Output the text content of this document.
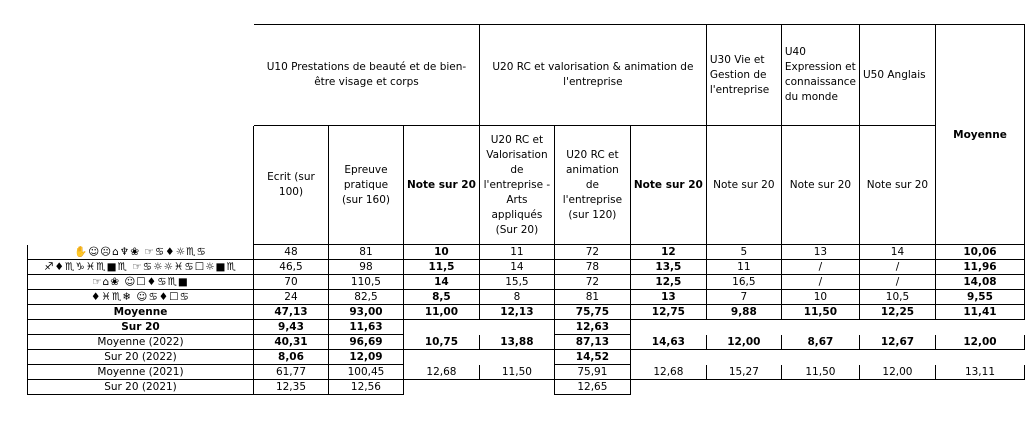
	U10 Prestations de beauté et de bien-être visage et corps			U20 RC et valorisation & animation de l'entreprise			U30 Vie et Gestion de l'entreprise	U40 Expression et connaissance du monde	U50 Anglais	
	Ecrit (sur 100)	Epreuve pratique (sur 160)	Note sur 20	U20 RC et Valorisation de l'entreprise - Arts appliqués (Sur 20)	U20 RC et animation de l'entreprise (sur 120)	Note sur 20	Note sur 20	Note sur 20	Note sur 20	Moyenne
✋☺☹⌂♆❀ ☞♋♦☼♏♋	48	81	10	11	72	12	5	13	14	10,06
♐♦♏♑♓♏■♏ ☞♋☼☼♓♋☐☼■♏	46,5	98	11,5	14	78	13,5	11	/	/	11,96
☞⌂❀ ☺☐♦♋♏■	70	110,5	14	15,5	72	12,5	16,5	/	/	14,08
♦♓♏❄ ☺♋♦☐♋	24	82,5	8,5	8	81	13	7	10	10,5	9,55
Moyenne	47,13	93,00	11,00	12,13	75,75	12,75	9,88	11,50	12,25	11,41
Sur 20	9,43	11,63			12,63					
Moyenne (2022)	40,31	96,69	10,75	13,88	87,13	14,63	12,00	8,67	12,67	12,00
Sur 20 (2022)	8,06	12,09			14,52					
Moyenne (2021)	61,77	100,45	12,68	11,50	75,91	12,68	15,27	11,50	12,00	13,11
Sur 20 (2021)	12,35	12,56			12,65					
